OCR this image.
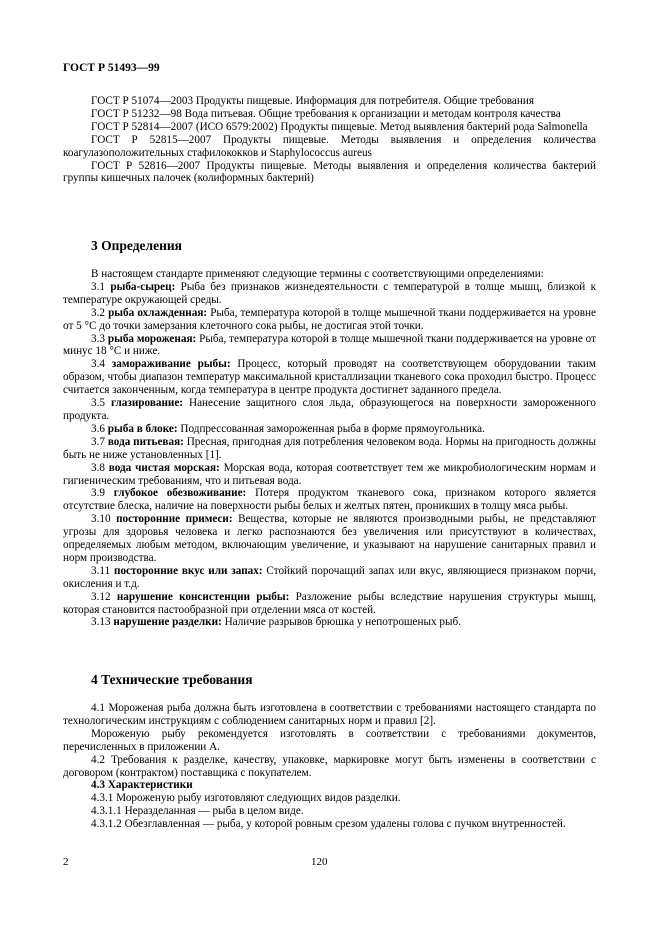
ГОСТ Р 51493—99

ГОСТ Р 51074—2003 Продукты пищевые. Информация для потребителя. Общие требования

ГОСТ Р 51232—98 Вода питьевая. Общие требования к организации и методам контроля качества

ГОСТ Р 52814—2007 (ИСО 6579:2002) Продукты пищевые. Метод выявления бактерий рода Salmonella

ГОСТ Р 52815—2007 Продукты пищевые. Методы выявления и определения количества коагулазоположительных стафилококков и Staphylococcus aureus

ГОСТ Р 52816—2007 Продукты пищевые. Методы выявления и определения количества бактерий группы кишечных палочек (колиформных бактерий)

3 Определения

В настоящем стандарте применяют следующие термины с соответствующими определениями:

3.1 рыба-сырец: Рыба без признаков жизнедеятельности с температурой в толще мышц, близкой к температуре окружающей среды.

3.2 рыба охлажденная: Рыба, температура которой в толще мышечной ткани поддерживается на уровне от 5 °С до точки замерзания клеточного сока рыбы, не достигая этой точки.

3.3 рыба мороженая: Рыба, температура которой в толще мышечной ткани поддерживается на уровне от минус 18 °С и ниже.

3.4 замораживание рыбы: Процесс, который проводят на соответствующем оборудовании таким образом, чтобы диапазон температур максимальной кристаллизации тканевого сока проходил быстро. Процесс считается законченным, когда температура в центре продукта достигнет заданного предела.

3.5 глазирование: Нанесение защитного слоя льда, образующегося на поверхности замороженного продукта.

3.6 рыба в блоке: Подпрессованная замороженная рыба в форме прямоугольника.

3.7 вода питьевая: Пресная, пригодная для потребления человеком вода. Нормы на пригодность должны быть не ниже установленных [1].

3.8 вода чистая морская: Морская вода, которая соответствует тем же микробиологическим нормам и гигиеническим требованиям, что и питьевая вода.

3.9 глубокое обезвоживание: Потеря продуктом тканевого сока, признаком которого является отсутствие блеска, наличие на поверхности рыбы белых и желтых пятен, проникших в толщу мяса рыбы.

3.10 посторонние примеси: Вещества, которые не являются производными рыбы, не представляют угрозы для здоровья человека и легко распознаются без увеличения или присутствуют в количествах, определяемых любым методом, включающим увеличение, и указывают на нарушение санитарных правил и норм производства.

3.11 посторонние вкус или запах: Стойкий порочащий запах или вкус, являющиеся признаком порчи, окисления и т.д.

3.12 нарушение консистенции рыбы: Разложение рыбы вследствие нарушения структуры мышц, которая становится пастообразной при отделении мяса от костей.

3.13 нарушение разделки: Наличие разрывов брюшка у непотрошеных рыб.

4 Технические требования

4.1 Мороженая рыба должна быть изготовлена в соответствии с требованиями настоящего стандарта по технологическим инструкциям с соблюдением санитарных норм и правил [2].

Мороженую рыбу рекомендуется изготовлять в соответствии с требованиями документов, перечисленных в приложении А.

4.2 Требования к разделке, качеству, упаковке, маркировке могут быть изменены в соответствии с договором (контрактом) поставщика с покупателем.

4.3 Характеристики

4.3.1 Мороженую рыбу изготовляют следующих видов разделки.

4.3.1.1 Неразделанная — рыба в целом виде.

4.3.1.2 Обезглавленная — рыба, у которой ровным срезом удалены голова с пучком внутренностей.

2	120
